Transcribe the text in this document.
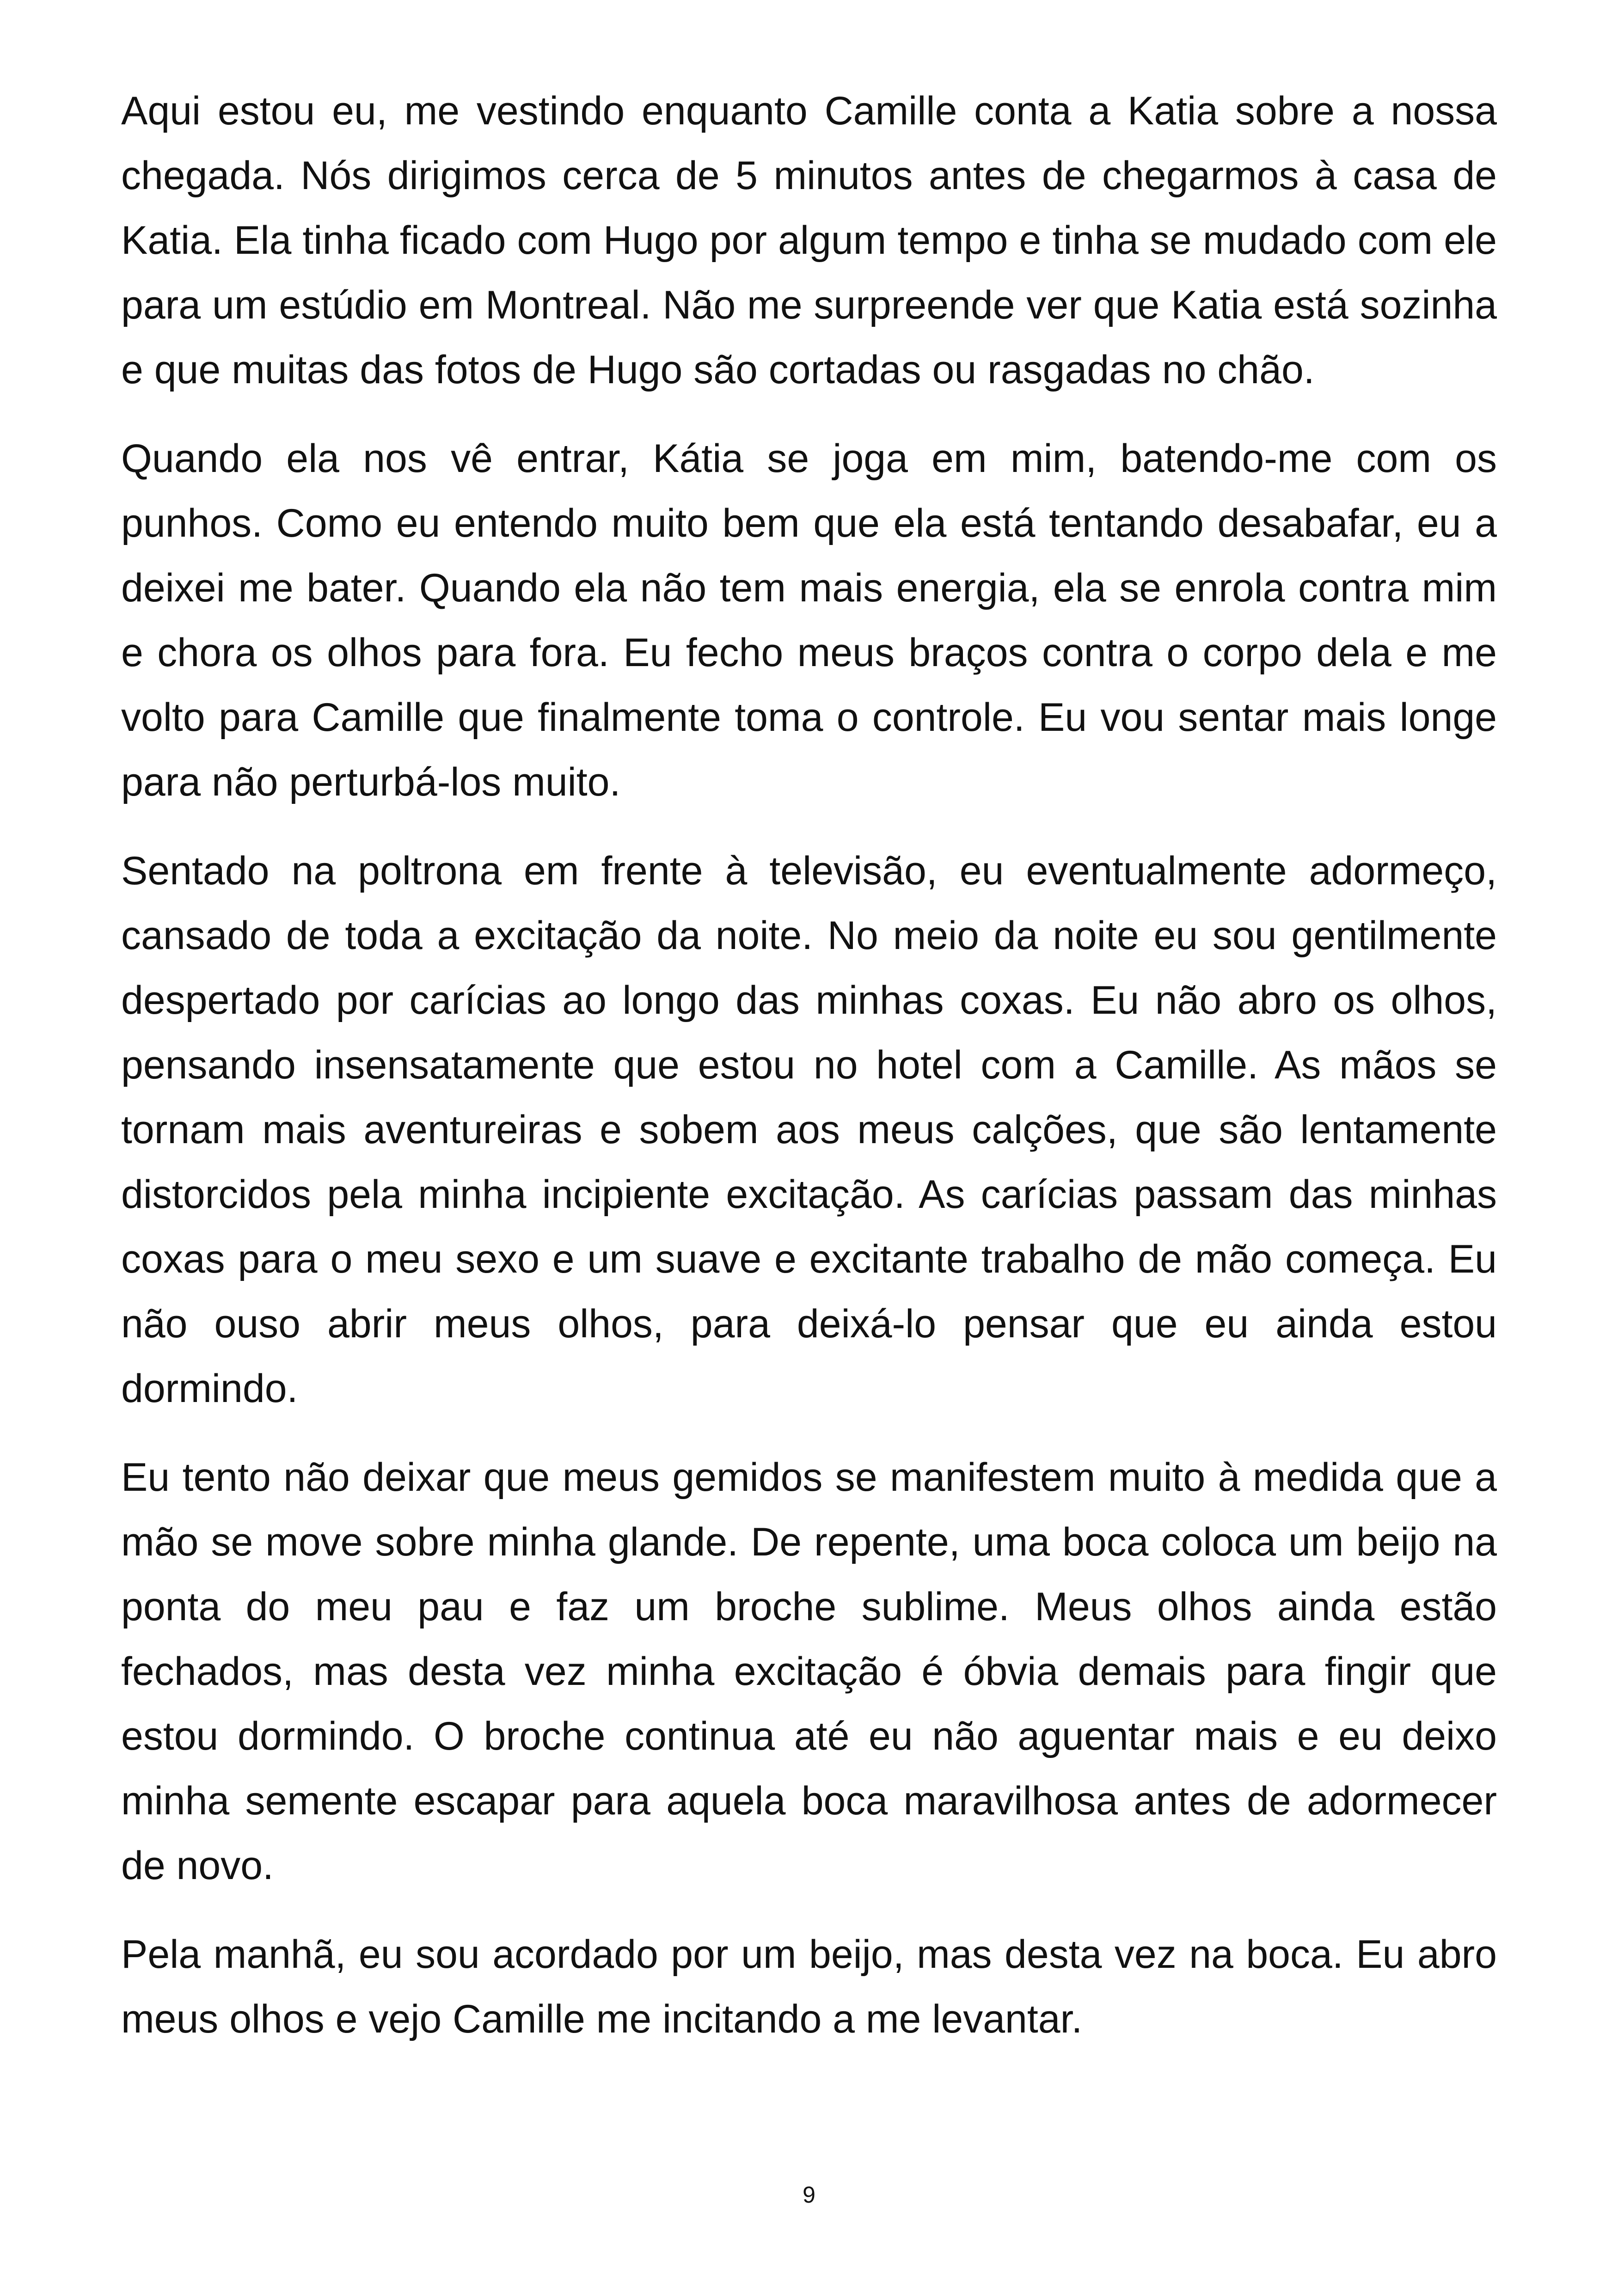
Aqui estou eu, me vestindo enquanto Camille conta a Katia sobre a nossa chegada. Nós dirigimos cerca de 5 minutos antes de chegarmos à casa de Katia. Ela tinha ficado com Hugo por algum tempo e tinha se mudado com ele para um estúdio em Montreal. Não me surpreende ver que Katia está sozinha e que muitas das fotos de Hugo são cortadas ou rasgadas no chão.

Quando ela nos vê entrar, Kátia se joga em mim, batendo-me com os punhos. Como eu entendo muito bem que ela está tentando desabafar, eu a deixei me bater. Quando ela não tem mais energia, ela se enrola contra mim e chora os olhos para fora. Eu fecho meus braços contra o corpo dela e me volto para Camille que finalmente toma o controle. Eu vou sentar mais longe para não perturbá-los muito.

Sentado na poltrona em frente à televisão, eu eventualmente adormeço, cansado de toda a excitação da noite. No meio da noite eu sou gentilmente despertado por carícias ao longo das minhas coxas. Eu não abro os olhos, pensando insensatamente que estou no hotel com a Camille. As mãos se tornam mais aventureiras e sobem aos meus calções, que são lentamente distorcidos pela minha incipiente excitação. As carícias passam das minhas coxas para o meu sexo e um suave e excitante trabalho de mão começa. Eu não ouso abrir meus olhos, para deixá-lo pensar que eu ainda estou dormindo.

Eu tento não deixar que meus gemidos se manifestem muito à medida que a mão se move sobre minha glande. De repente, uma boca coloca um beijo na ponta do meu pau e faz um broche sublime. Meus olhos ainda estão fechados, mas desta vez minha excitação é óbvia demais para fingir que estou dormindo. O broche continua até eu não aguentar mais e eu deixo minha semente escapar para aquela boca maravilhosa antes de adormecer de novo.

Pela manhã, eu sou acordado por um beijo, mas desta vez na boca. Eu abro meus olhos e vejo Camille me incitando a me levantar.

9
